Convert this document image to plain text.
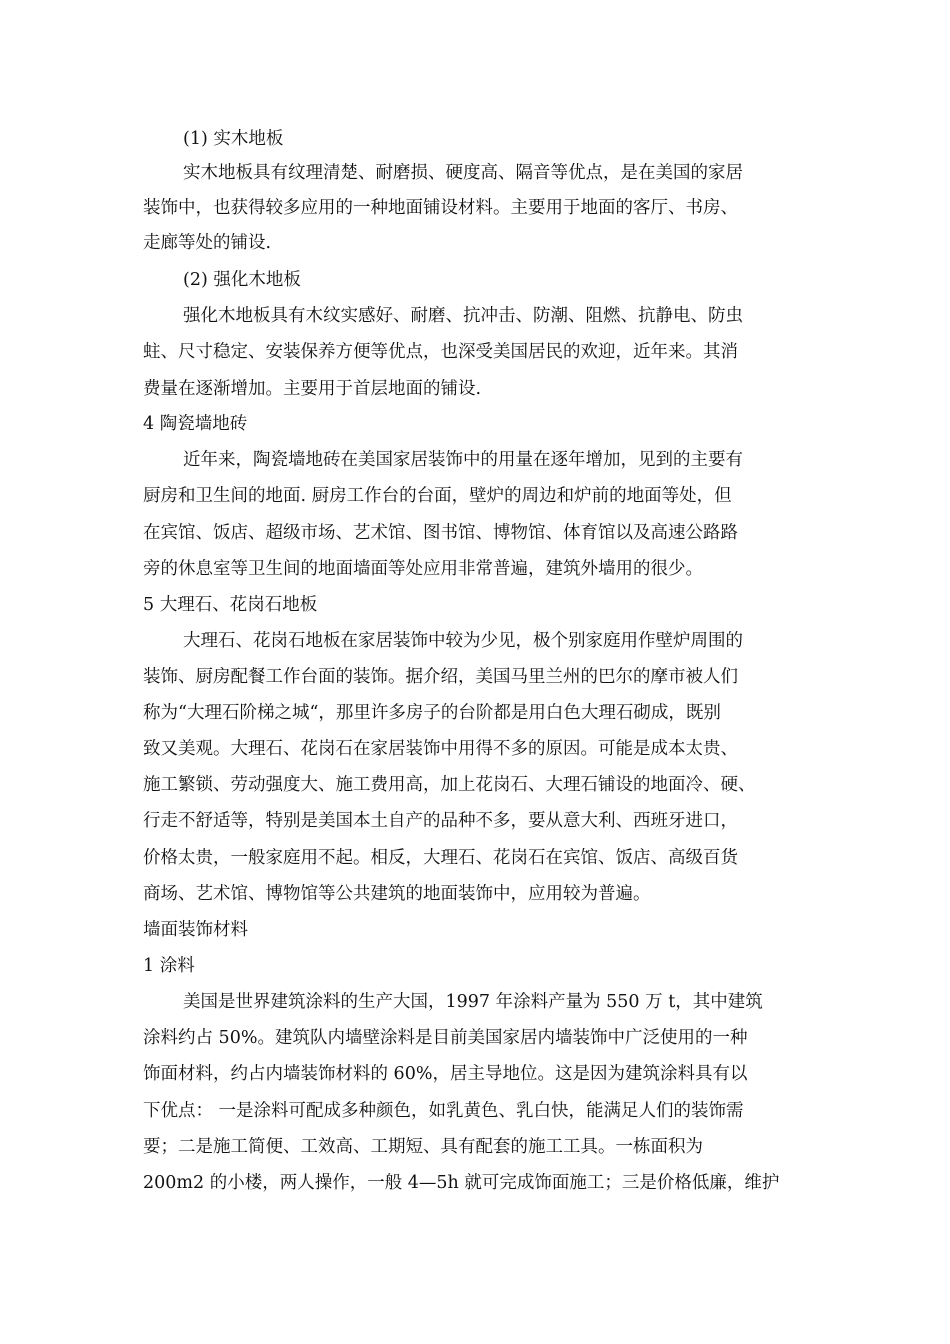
(1) 实木地板
实木地板具有纹理清楚、耐磨损、硬度高、隔音等优点，是在美国的家居
装饰中，也获得较多应用的一种地面铺设材料。主要用于地面的客厅、书房、
走廊等处的铺设.
(2) 强化木地板
强化木地板具有木纹实感好、耐磨、抗冲击、防潮、阻燃、抗静电、防虫
蛀、尺寸稳定、安装保养方便等优点，也深受美国居民的欢迎，近年来。其消
费量在逐渐增加。主要用于首层地面的铺设.
4 陶瓷墙地砖
近年来，陶瓷墙地砖在美国家居装饰中的用量在逐年增加，见到的主要有
厨房和卫生间的地面. 厨房工作台的台面，壁炉的周边和炉前的地面等处，但
在宾馆、饭店、超级市场、艺术馆、图书馆、博物馆、体育馆以及高速公路路
旁的休息室等卫生间的地面墙面等处应用非常普遍，建筑外墙用的很少。
5 大理石、花岗石地板
大理石、花岗石地板在家居装饰中较为少见，极个别家庭用作壁炉周围的
装饰、厨房配餐工作台面的装饰。据介绍，美国马里兰州的巴尔的摩市被人们
称为“大理石阶梯之城“，那里许多房子的台阶都是用白色大理石砌成，既别
致又美观。大理石、花岗石在家居装饰中用得不多的原因。可能是成本太贵、
施工繁锁、劳动强度大、施工费用高，加上花岗石、大理石铺设的地面冷、硬、
行走不舒适等，特别是美国本土自产的品种不多，要从意大利、西班牙进口，
价格太贵，一般家庭用不起。相反，大理石、花岗石在宾馆、饭店、高级百货
商场、艺术馆、博物馆等公共建筑的地面装饰中，应用较为普遍。
墙面装饰材料
1 涂料
美国是世界建筑涂料的生产大国，1997 年涂料产量为 550 万 t，其中建筑
涂料约占 50%。建筑队内墙壁涂料是目前美国家居内墙装饰中广泛使用的一种
饰面材料，约占内墙装饰材料的 60%，居主导地位。这是因为建筑涂料具有以
下优点： 一是涂料可配成多种颜色，如乳黄色、乳白快，能满足人们的装饰需
要；二是施工简便、工效高、工期短、具有配套的施工工具。一栋面积为
200m2 的小楼，两人操作，一般 4—5h 就可完成饰面施工；三是价格低廉，维护
